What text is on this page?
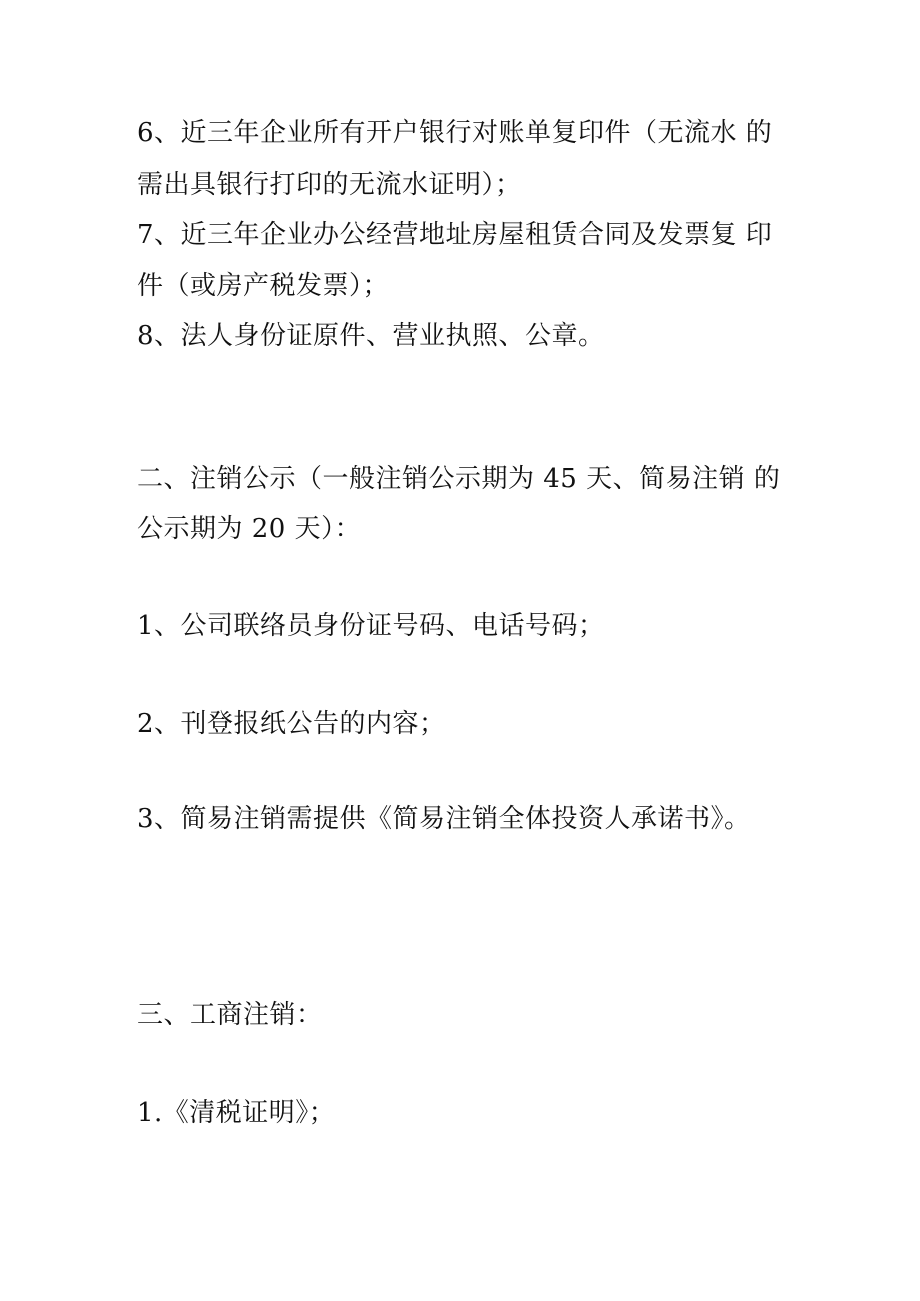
6、近三年企业所有开户银行对账单复印件（无流水 的
需出具银行打印的无流水证明）；
7、近三年企业办公经营地址房屋租赁合同及发票复 印
件（或房产税发票）；
8、法人身份证原件、营业执照、公章。
二、注销公示（一般注销公示期为 45 天、简易注销 的
公示期为 20 天）：
1、公司联络员身份证号码、电话号码；
2、刊登报纸公告的内容；
3、简易注销需提供《简易注销全体投资人承诺书》。
三、工商注销：
1.《清税证明》；
